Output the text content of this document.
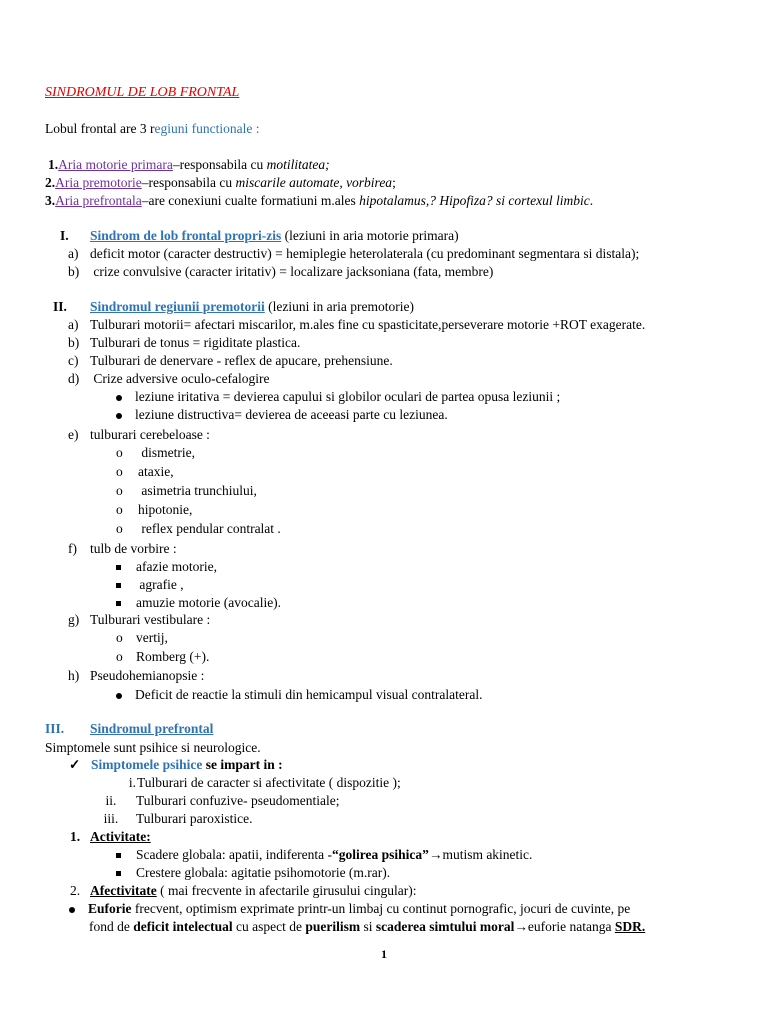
SINDROMUL DE LOB FRONTAL
Lobul frontal are 3 regiuni functionale :
1.Aria motorie primara–responsabila cu motilitatea;
2.Aria premotorie–responsabila cu miscarile automate, vorbirea;
3.Aria prefrontala–are conexiuni cualte formatiuni m.ales hipotalamus,? Hipofiza? si cortexul limbic.
I. Sindrom de lob frontal propri-zis (leziuni in aria motorie primara)
a) deficit motor (caracter destructiv) = hemiplegie heterolaterala (cu predominant segmentara si distala);
b) crize convulsive (caracter iritativ) = localizare jacksoniana (fata, membre)
II. Sindromul regiunii premotorii (leziuni in aria premotorie)
a) Tulburari motorii= afectari miscarilor, m.ales fine cu spasticitate,perseverare motorie +ROT exagerate.
b) Tulburari de tonus = rigiditate plastica.
c) Tulburari de denervare - reflex de apucare, prehensiune.
d) Crize adversive oculo-cefalogire
leziune iritativa = devierea capului si globilor oculari de partea opusa leziunii ;
leziune distructiva= devierea de aceeasi parte cu leziunea.
e) tulburari cerebeloase :
o dismetrie,
o ataxie,
o asimetria trunchiului,
o hipotonie,
o reflex pendular contralat .
f) tulb de vorbire :
afazie motorie,
agrafie ,
amuzie motorie (avocalie).
g) Tulburari vestibulare :
o vertij,
o Romberg (+).
h) Pseudohemianopsie :
Deficit de reactie la stimuli din hemicampul visual contralateral.
III. Sindromul prefrontal
Simptomele sunt psihice si neurologice.
✓ Simptomele psihice se impart in :
i.Tulburari de caracter si afectivitate ( dispozitie );
ii. Tulburari confuzive- pseudomentiale;
iii. Tulburari paroxistice.
1. Activitate:
Scadere globala: apatii, indiferenta -“golirea psihica”→mutism akinetic.
Crestere globala: agitatie psihomotorie (m.rar).
2. Afectivitate ( mai frecvente in afectarile girusului cingular):
Euforie frecvent, optimism exprimate printr-un limbaj cu continut pornografic, jocuri de cuvinte, pe
fond de deficit intelectual cu aspect de puerilism si scaderea simtului moral→euforie natanga SDR.
1
